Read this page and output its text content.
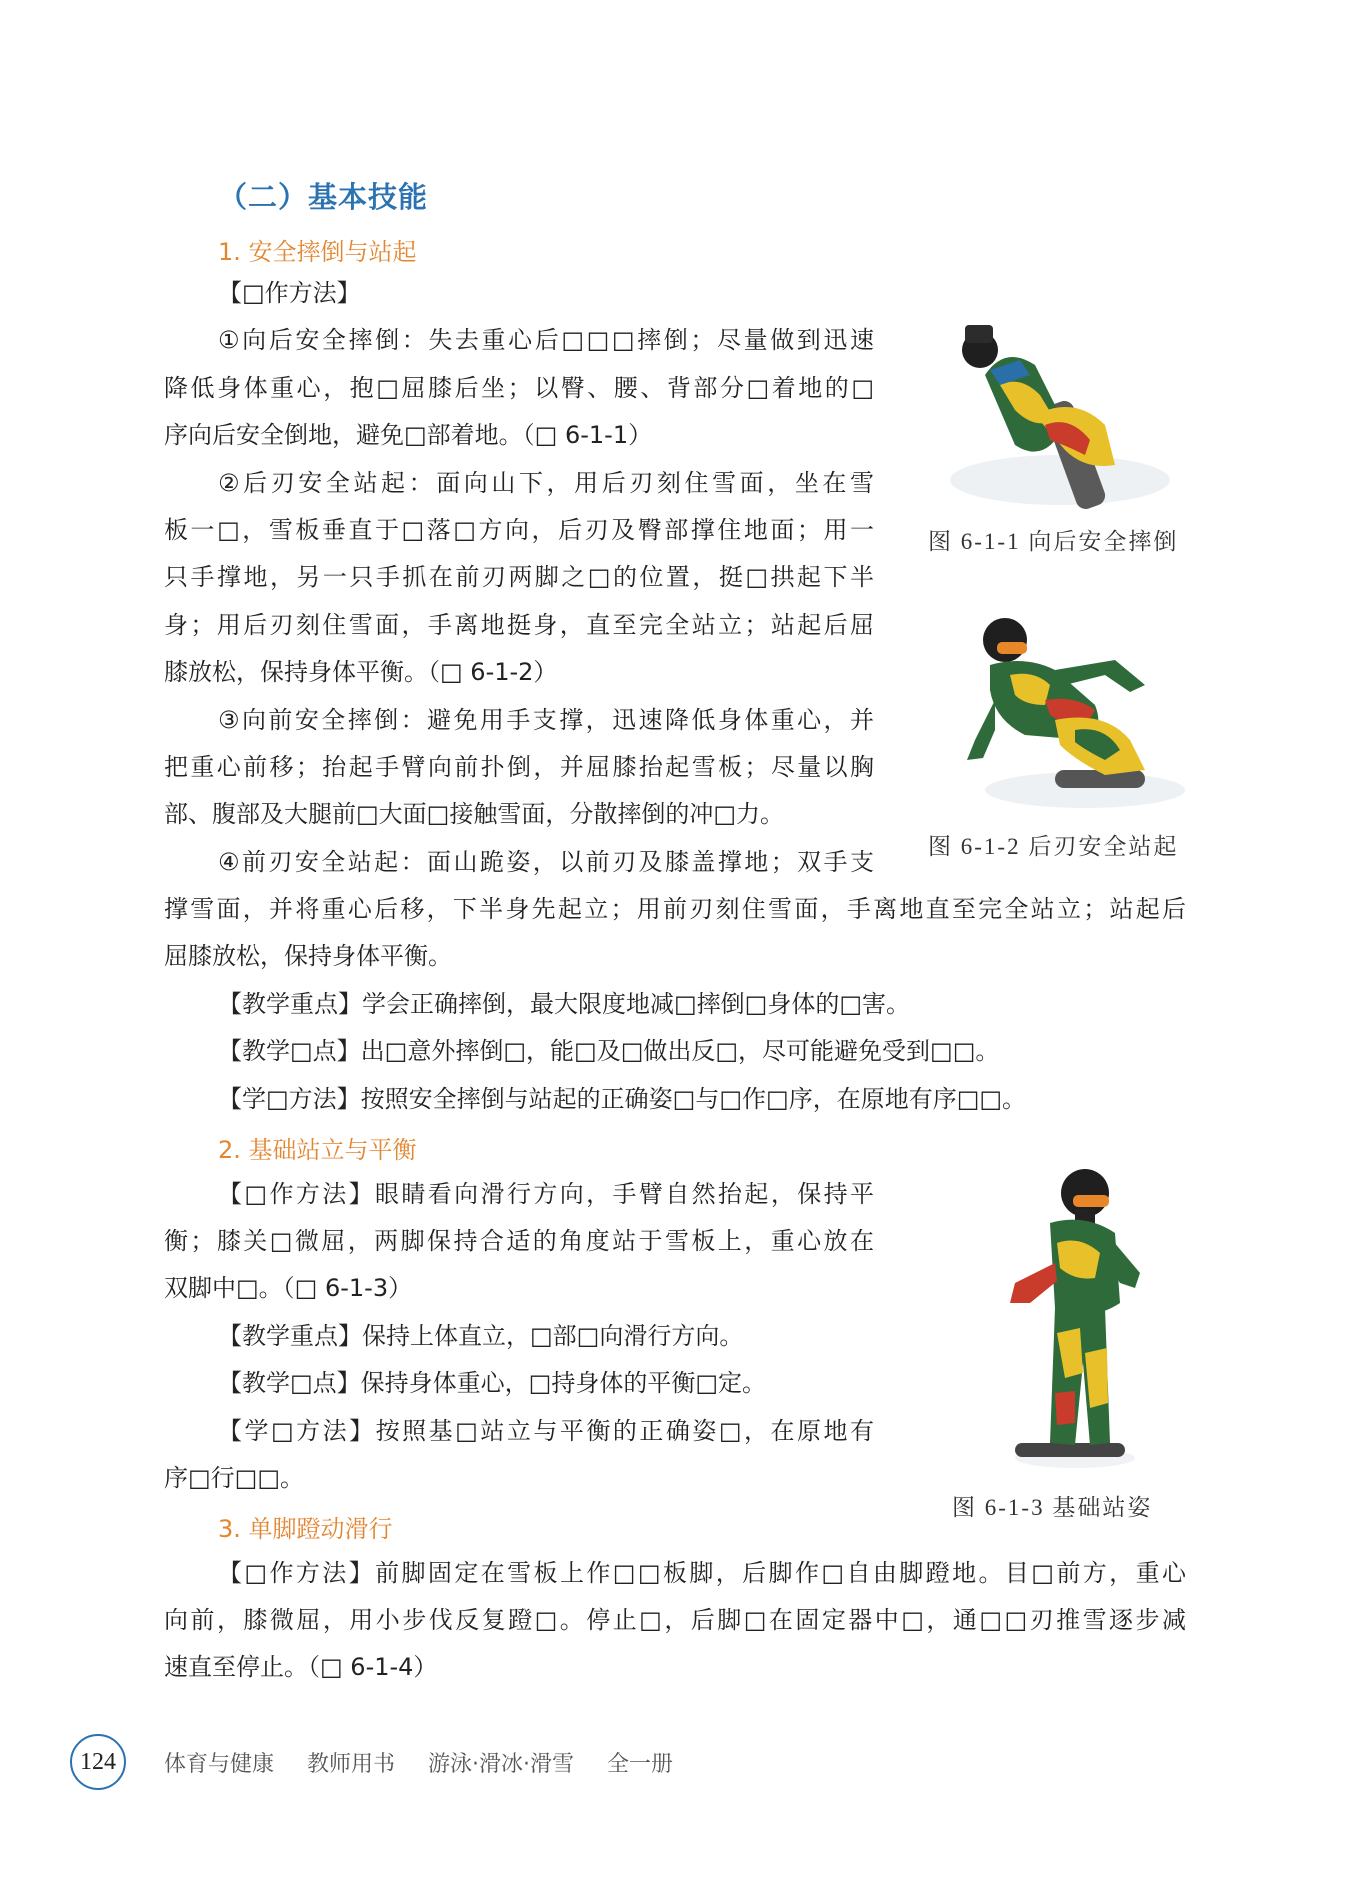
（二）基本技能
1. 安全摔倒与站起
【□作方法】
①向后安全摔倒：失去重心后□□□摔倒；尽量做到迅速
降低身体重心，抱□屈膝后坐；以臀、腰、背部分□着地的□
序向后安全倒地，避免□部着地。（□ 6-1-1）
②后刃安全站起：面向山下，用后刃刻住雪面，坐在雪
板一□，雪板垂直于□落□方向，后刃及臀部撑住地面；用一
只手撑地，另一只手抓在前刃两脚之□的位置，挺□拱起下半
身；用后刃刻住雪面，手离地挺身，直至完全站立；站起后屈
膝放松，保持身体平衡。（□ 6-1-2）
③向前安全摔倒：避免用手支撑，迅速降低身体重心，并
把重心前移；抬起手臂向前扑倒，并屈膝抬起雪板；尽量以胸
部、腹部及大腿前□大面□接触雪面，分散摔倒的冲□力。
④前刃安全站起：面山跪姿，以前刃及膝盖撑地；双手支
撑雪面，并将重心后移，下半身先起立；用前刃刻住雪面，手离地直至完全站立；站起后
屈膝放松，保持身体平衡。
【教学重点】学会正确摔倒，最大限度地减□摔倒□身体的□害。
【教学□点】出□意外摔倒□，能□及□做出反□，尽可能避免受到□□。
【学□方法】按照安全摔倒与站起的正确姿□与□作□序，在原地有序□□。
2. 基础站立与平衡
【□作方法】眼睛看向滑行方向，手臂自然抬起，保持平
衡；膝关□微屈，两脚保持合适的角度站于雪板上，重心放在
双脚中□。（□ 6-1-3）
【教学重点】保持上体直立，□部□向滑行方向。
【教学□点】保持身体重心，□持身体的平衡□定。
【学□方法】按照基□站立与平衡的正确姿□，在原地有
序□行□□。
3. 单脚蹬动滑行
【□作方法】前脚固定在雪板上作□□板脚，后脚作□自由脚蹬地。目□前方，重心
向前，膝微屈，用小步伐反复蹬□。停止□，后脚□在固定器中□，通□□刃推雪逐步减
速直至停止。（□ 6-1-4）
图 6-1-1 向后安全摔倒
图 6-1-2 后刃安全站起
图 6-1-3 基础站姿
124	体育与健康 教师用书 游泳·滑冰·滑雪 全一册
